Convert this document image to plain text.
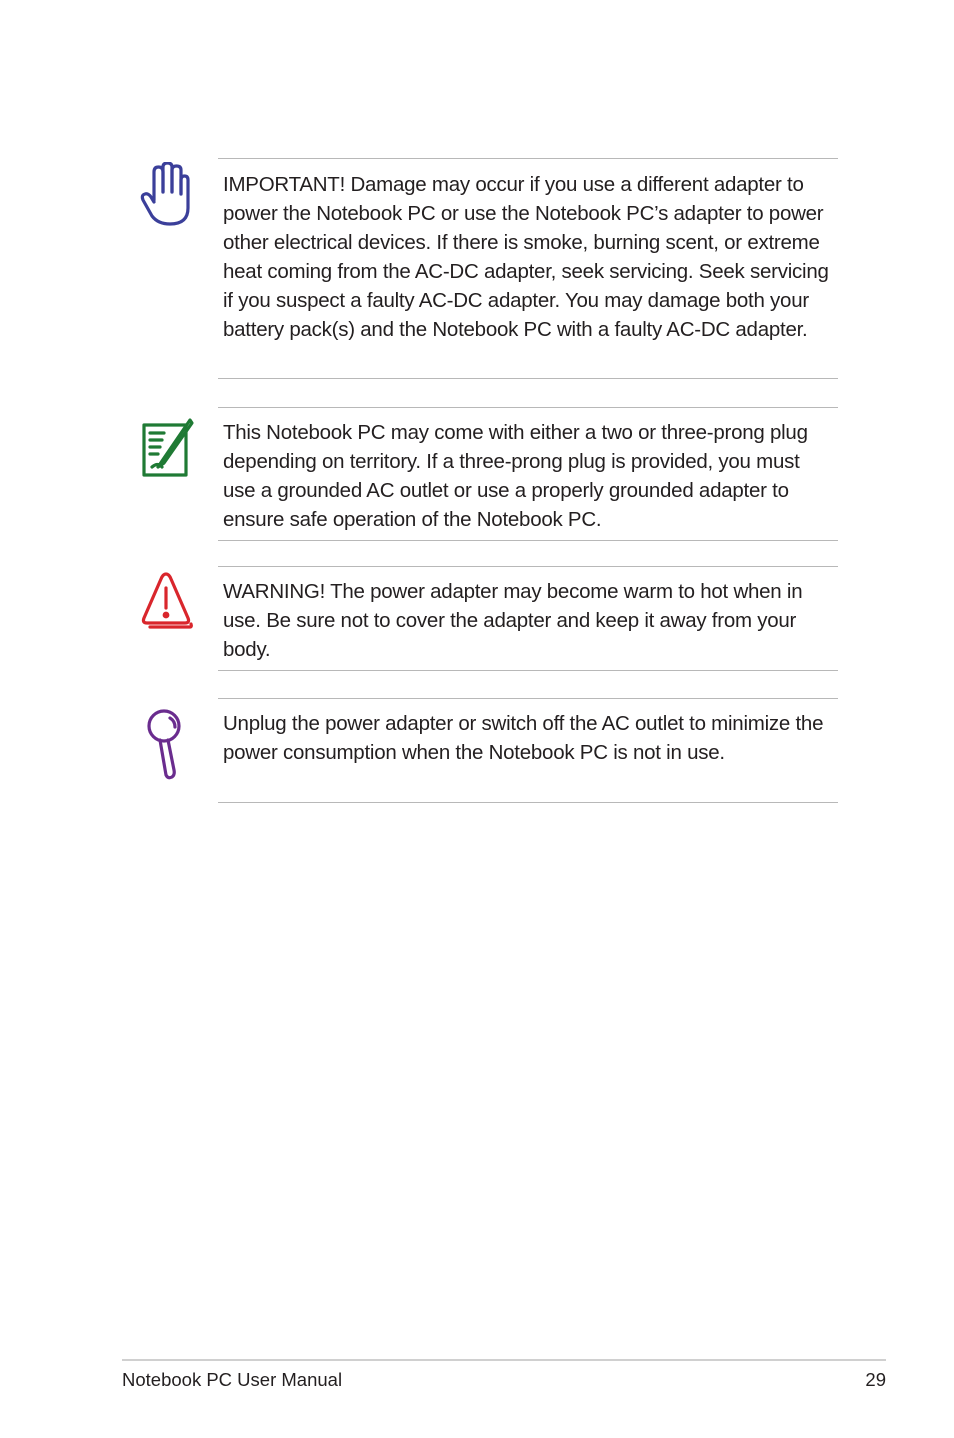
IMPORTANT! Damage may occur if you use a different adapter to power the Notebook PC or use the Notebook PC’s adapter to power other electrical devices. If there is smoke, burning scent, or extreme heat coming from the AC-DC adapter, seek servicing. Seek servicing if you suspect a faulty AC-DC adapter. You may damage both your battery pack(s) and the Notebook PC with a faulty AC-DC adapter.

This Notebook PC may come with either a two or three-prong plug depending on territory. If a three-prong plug is provided, you must use a grounded AC outlet or use a properly grounded adapter to ensure safe operation of the Notebook PC.

WARNING! The power adapter may become warm to hot when in use. Be sure not to cover the adapter and keep it away from your body.

Unplug the power adapter or switch off the AC outlet to minimize the power consumption when the Notebook PC is not in use.

Notebook PC User Manual	29
